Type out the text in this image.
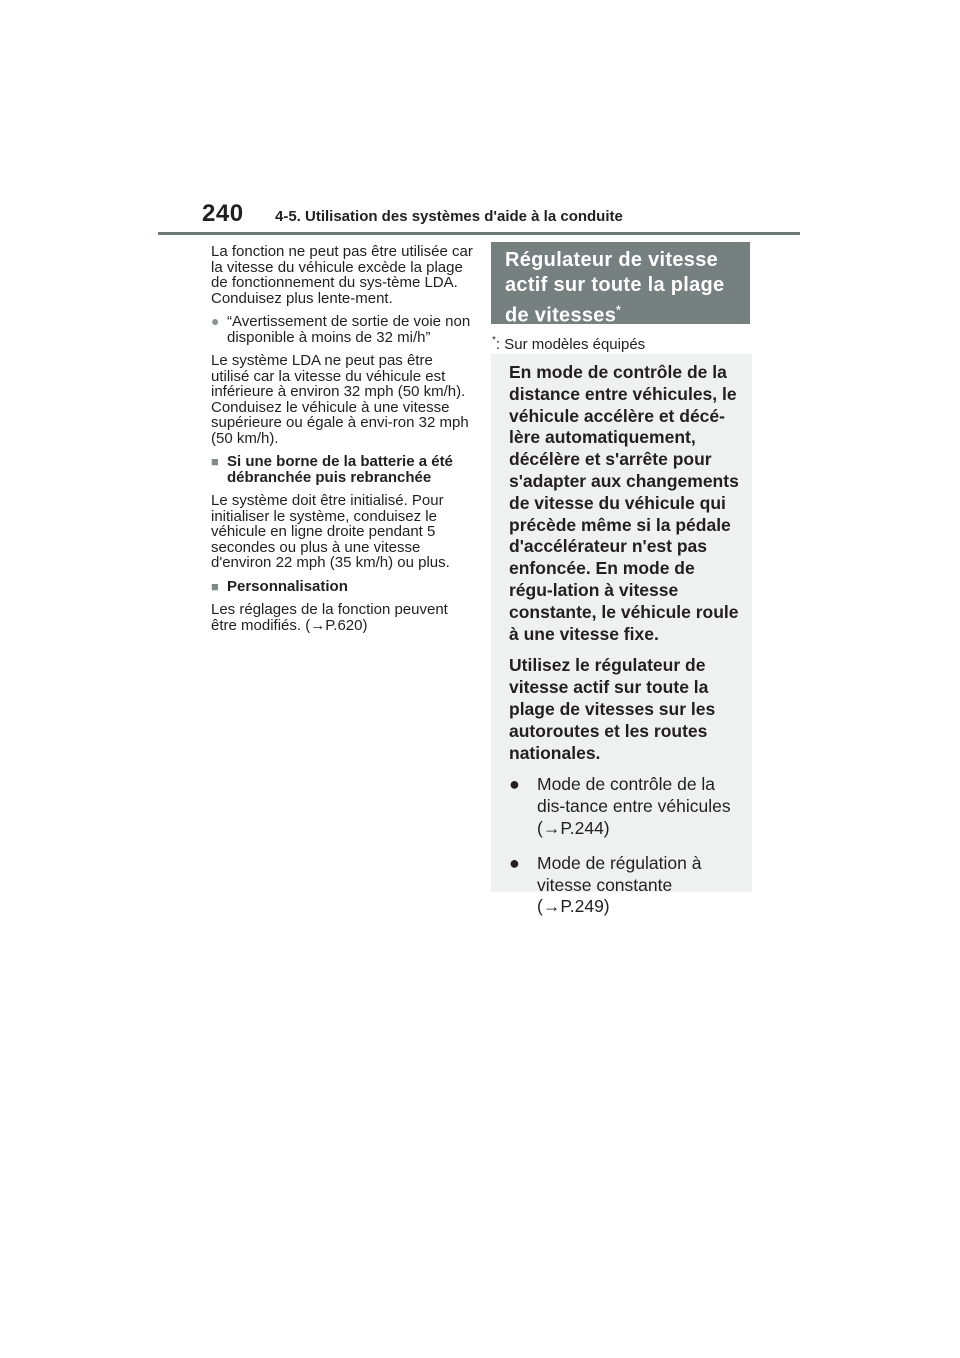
240 4-5. Utilisation des systèmes d'aide à la conduite

La fonction ne peut pas être utilisée car la vitesse du véhicule excède la plage de fonctionnement du sys-tème LDA. Conduisez plus lente-ment.

● “Avertissement de sortie de voie non disponible à moins de 32 mi/h”

Le système LDA ne peut pas être utilisé car la vitesse du véhicule est inférieure à environ 32 mph (50 km/h). Conduisez le véhicule à une vitesse supérieure ou égale à envi-ron 32 mph (50 km/h).

■ Si une borne de la batterie a été débranchée puis rebranchée

Le système doit être initialisé. Pour initialiser le système, conduisez le véhicule en ligne droite pendant 5 secondes ou plus à une vitesse d'environ 22 mph (35 km/h) ou plus.

■ Personnalisation

Les réglages de la fonction peuvent être modifiés. (→P.620)

Régulateur de vitesse actif sur toute la plage de vitesses*
*: Sur modèles équipés

En mode de contrôle de la distance entre véhicules, le véhicule accélère et décé-lère automatiquement, décélère et s'arrête pour s'adapter aux changements de vitesse du véhicule qui précède même si la pédale d'accélérateur n'est pas enfoncée. En mode de régu-lation à vitesse constante, le véhicule roule à une vitesse fixe.

Utilisez le régulateur de vitesse actif sur toute la plage de vitesses sur les autoroutes et les routes nationales.

● Mode de contrôle de la dis-tance entre véhicules (→P.244)
● Mode de régulation à vitesse constante (→P.249)
